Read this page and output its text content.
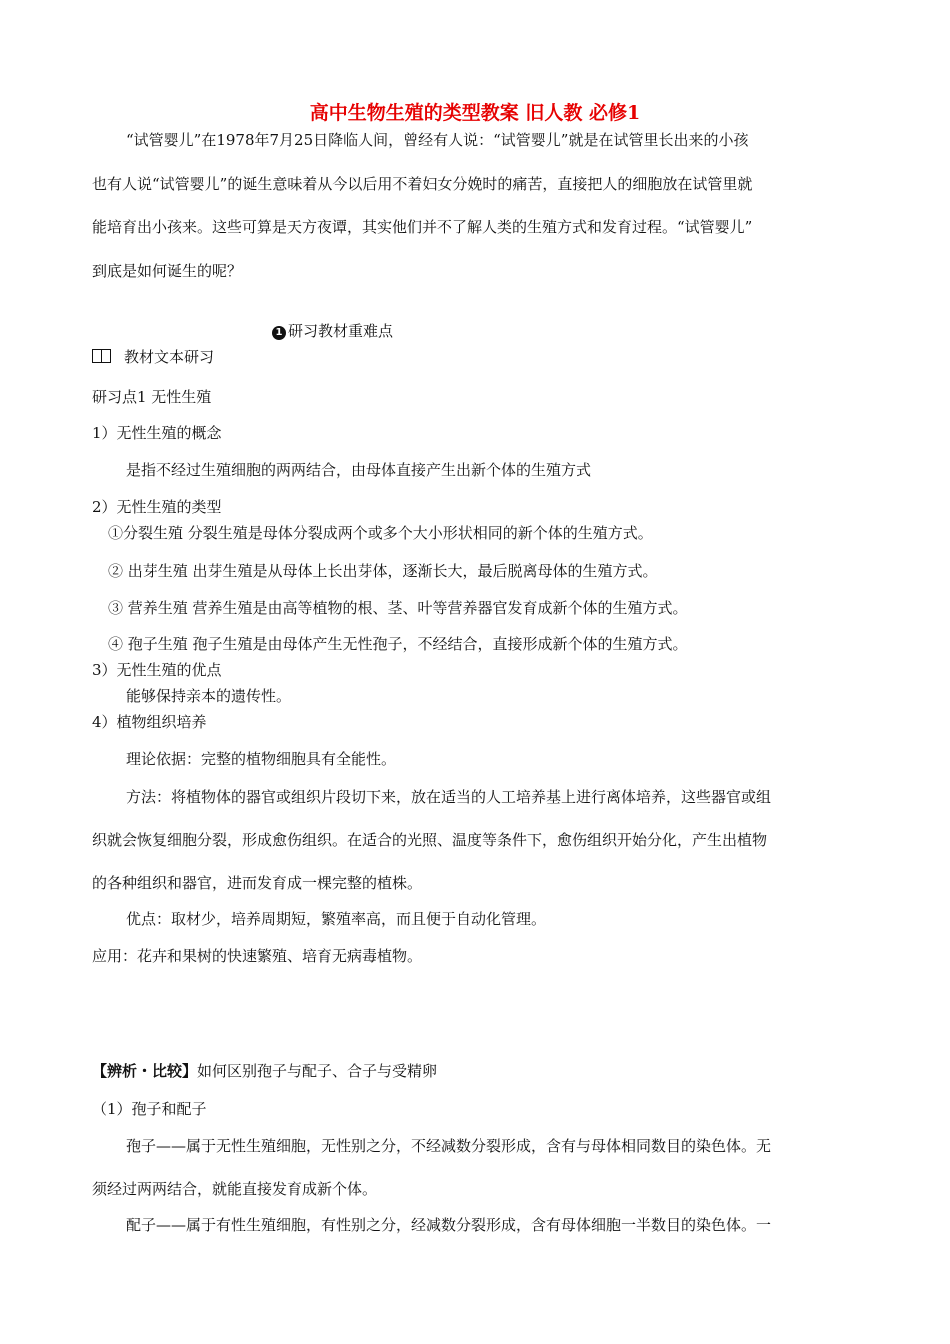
高中生物生殖的类型教案 旧人教 必修1
“试管婴儿”在1978年7月25日降临人间，曾经有人说：“试管婴儿”就是在试管里长出来的小孩
也有人说“试管婴儿”的诞生意味着从今以后用不着妇女分娩时的痛苦，直接把人的细胞放在试管里就
能培育出小孩来。这些可算是天方夜谭，其实他们并不了解人类的生殖方式和发育过程。“试管婴儿”
到底是如何诞生的呢？
1 研习教材重难点
教材文本研习
研习点1 无性生殖
1）无性生殖的概念
是指不经过生殖细胞的两两结合，由母体直接产生出新个体的生殖方式
2）无性生殖的类型
①分裂生殖 分裂生殖是母体分裂成两个或多个大小形状相同的新个体的生殖方式。
② 出芽生殖 出芽生殖是从母体上长出芽体，逐渐长大，最后脱离母体的生殖方式。
③ 营养生殖 营养生殖是由高等植物的根、茎、叶等营养器官发育成新个体的生殖方式。
④ 孢子生殖 孢子生殖是由母体产生无性孢子，不经结合，直接形成新个体的生殖方式。
3）无性生殖的优点
能够保持亲本的遗传性。
4）植物组织培养
理论依据：完整的植物细胞具有全能性。
方法：将植物体的器官或组织片段切下来，放在适当的人工培养基上进行离体培养，这些器官或组
织就会恢复细胞分裂，形成愈伤组织。在适合的光照、温度等条件下，愈伤组织开始分化，产生出植物
的各种组织和器官，进而发育成一棵完整的植株。
优点：取材少，培养周期短，繁殖率高，而且便于自动化管理。
应用：花卉和果树的快速繁殖、培育无病毒植物。
【辨析・比较】如何区别孢子与配子、合子与受精卵
（1）孢子和配子
孢子——属于无性生殖细胞，无性别之分，不经减数分裂形成，含有与母体相同数目的染色体。无
须经过两两结合，就能直接发育成新个体。
配子——属于有性生殖细胞，有性别之分，经减数分裂形成，含有母体细胞一半数目的染色体。一
